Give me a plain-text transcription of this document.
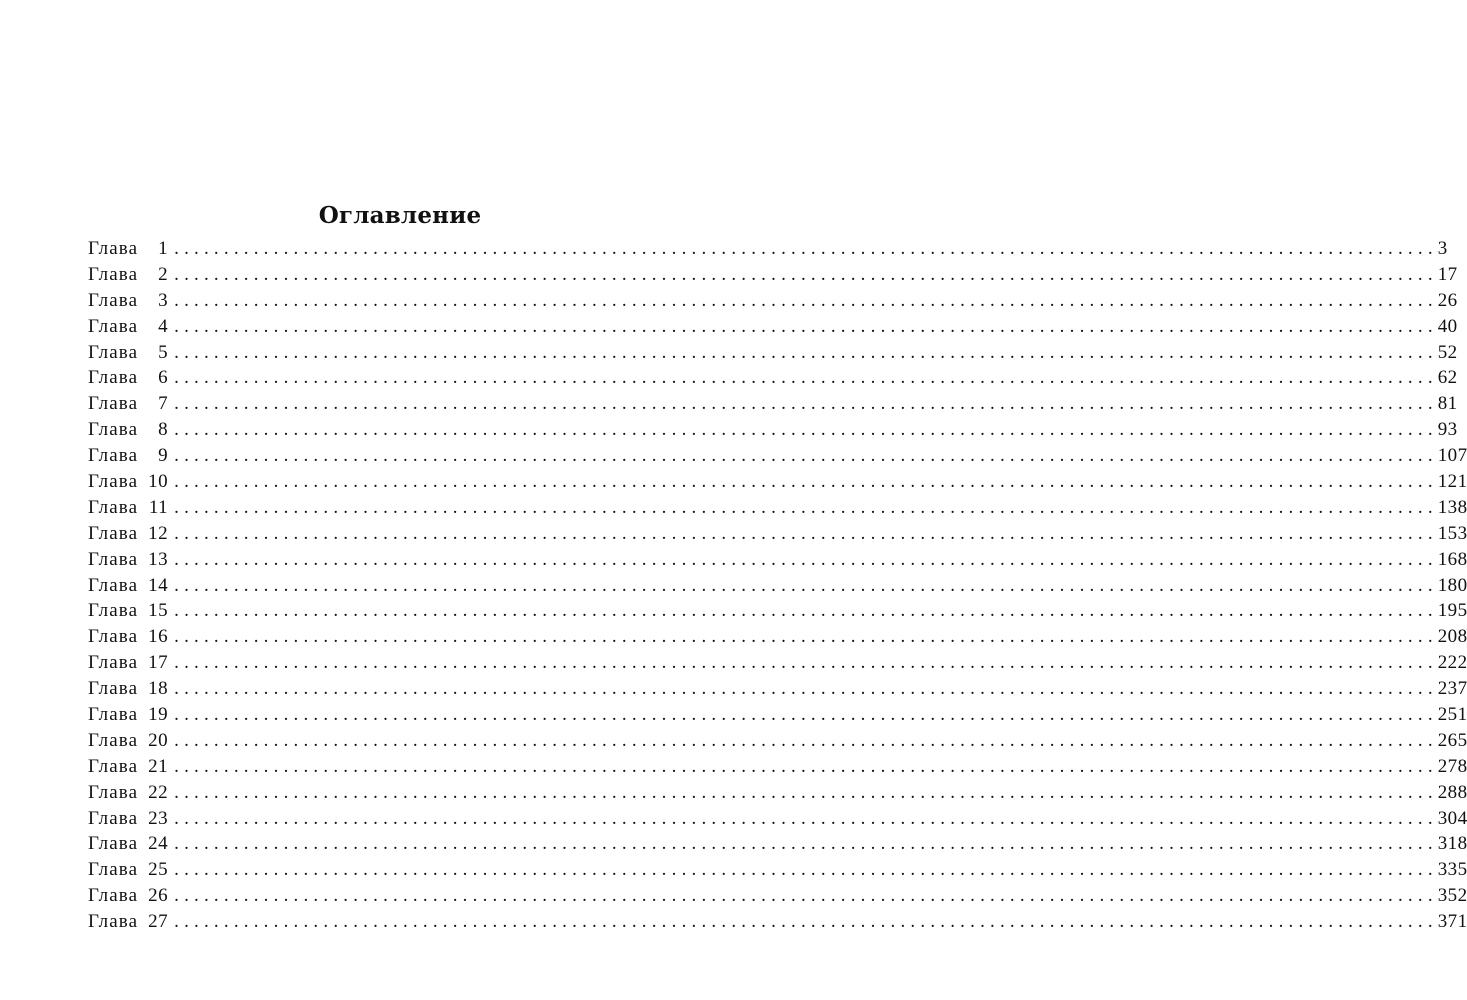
Оглавление
Глава	1 ............................................................................................................................... 3
Глава	2 ............................................................................................................................... 17
Глава	3 ............................................................................................................................... 26
Глава	4 ............................................................................................................................... 40
Глава	5 ............................................................................................................................... 52
Глава	6 ............................................................................................................................... 62
Глава	7 ............................................................................................................................... 81
Глава	8 ............................................................................................................................... 93
Глава	9 ............................................................................................................................... 107
Глава 10 ............................................................................................................................... 121
Глава 11 ............................................................................................................................... 138
Глава 12 ............................................................................................................................... 153
Глава 13 ............................................................................................................................... 168
Глава 14 ............................................................................................................................... 180
Глава 15 ............................................................................................................................... 195
Глава 16 ............................................................................................................................... 208
Глава 17 ............................................................................................................................... 222
Глава 18 ............................................................................................................................... 237
Глава 19 ............................................................................................................................... 251
Глава 20 ............................................................................................................................... 265
Глава 21 ............................................................................................................................... 278
Глава 22 ............................................................................................................................... 288
Глава 23 ............................................................................................................................... 304
Глава 24 ............................................................................................................................... 318
Глава 25 ............................................................................................................................... 335
Глава 26 ............................................................................................................................... 352
Глава 27 ............................................................................................................................... 371
